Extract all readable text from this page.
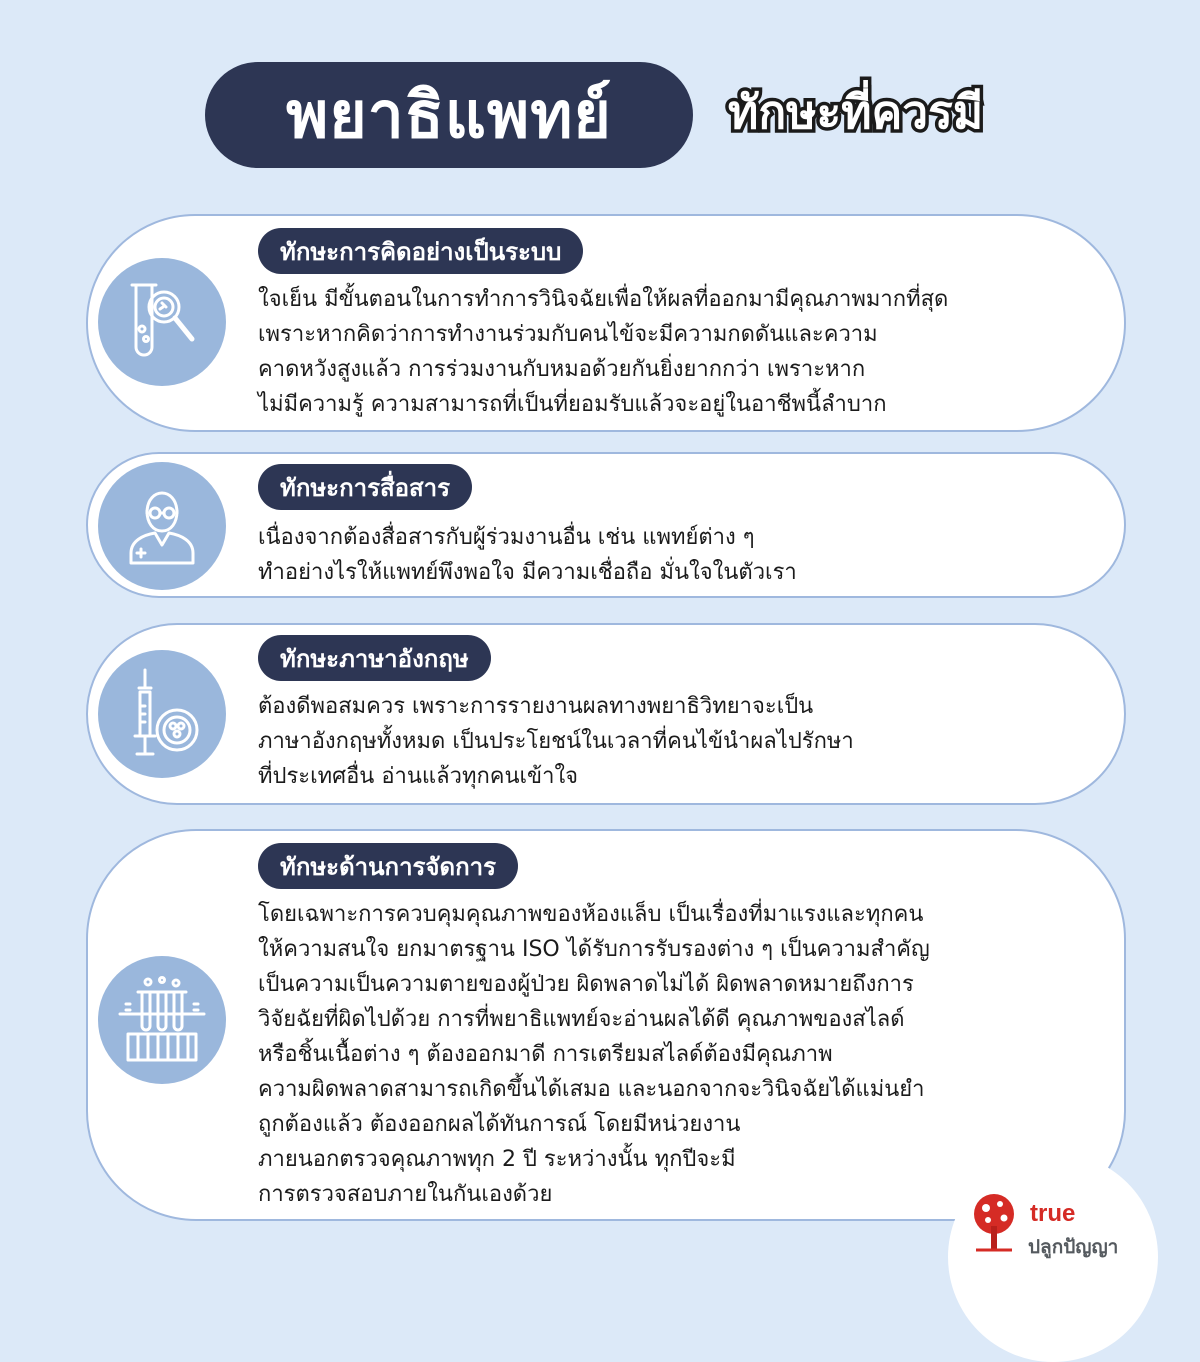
พยาธิแพทย์	ทักษะที่ควรมี
ทักษะการคิดอย่างเป็นระบบ
ใจเย็น มีขั้นตอนในการทำการวินิจฉัยเพื่อให้ผลที่ออกมามีคุณภาพมากที่สุด
เพราะหากคิดว่าการทำงานร่วมกับคนไข้จะมีความกดดันและความ
คาดหวังสูงแล้ว การร่วมงานกับหมอด้วยกันยิ่งยากกว่า เพราะหาก
ไม่มีความรู้ ความสามารถที่เป็นที่ยอมรับแล้วจะอยู่ในอาชีพนี้ลำบาก
ทักษะการสื่อสาร
เนื่องจากต้องสื่อสารกับผู้ร่วมงานอื่น เช่น แพทย์ต่าง ๆ
ทำอย่างไรให้แพทย์พึงพอใจ มีความเชื่อถือ มั่นใจในตัวเรา
ทักษะภาษาอังกฤษ
ต้องดีพอสมควร เพราะการรายงานผลทางพยาธิวิทยาจะเป็น
ภาษาอังกฤษทั้งหมด เป็นประโยชน์ในเวลาที่คนไข้นำผลไปรักษา
ที่ประเทศอื่น อ่านแล้วทุกคนเข้าใจ
ทักษะด้านการจัดการ
โดยเฉพาะการควบคุมคุณภาพของห้องแล็บ เป็นเรื่องที่มาแรงและทุกคน
ให้ความสนใจ ยกมาตรฐาน ISO ได้รับการรับรองต่าง ๆ เป็นความสำคัญ
เป็นความเป็นความตายของผู้ป่วย ผิดพลาดไม่ได้ ผิดพลาดหมายถึงการ
วิจัยฉัยที่ผิดไปด้วย การที่พยาธิแพทย์จะอ่านผลได้ดี คุณภาพของสไลด์
หรือชิ้นเนื้อต่าง ๆ ต้องออกมาดี การเตรียมสไลด์ต้องมีคุณภาพ
ความผิดพลาดสามารถเกิดขึ้นได้เสมอ และนอกจากจะวินิจฉัยได้แม่นยำ
ถูกต้องแล้ว ต้องออกผลได้ทันการณ์ โดยมีหน่วยงาน
ภายนอกตรวจคุณภาพทุก 2 ปี ระหว่างนั้น ทุกปีจะมี
การตรวจสอบภายในกันเองด้วย
true
ปลูกปัญญา
